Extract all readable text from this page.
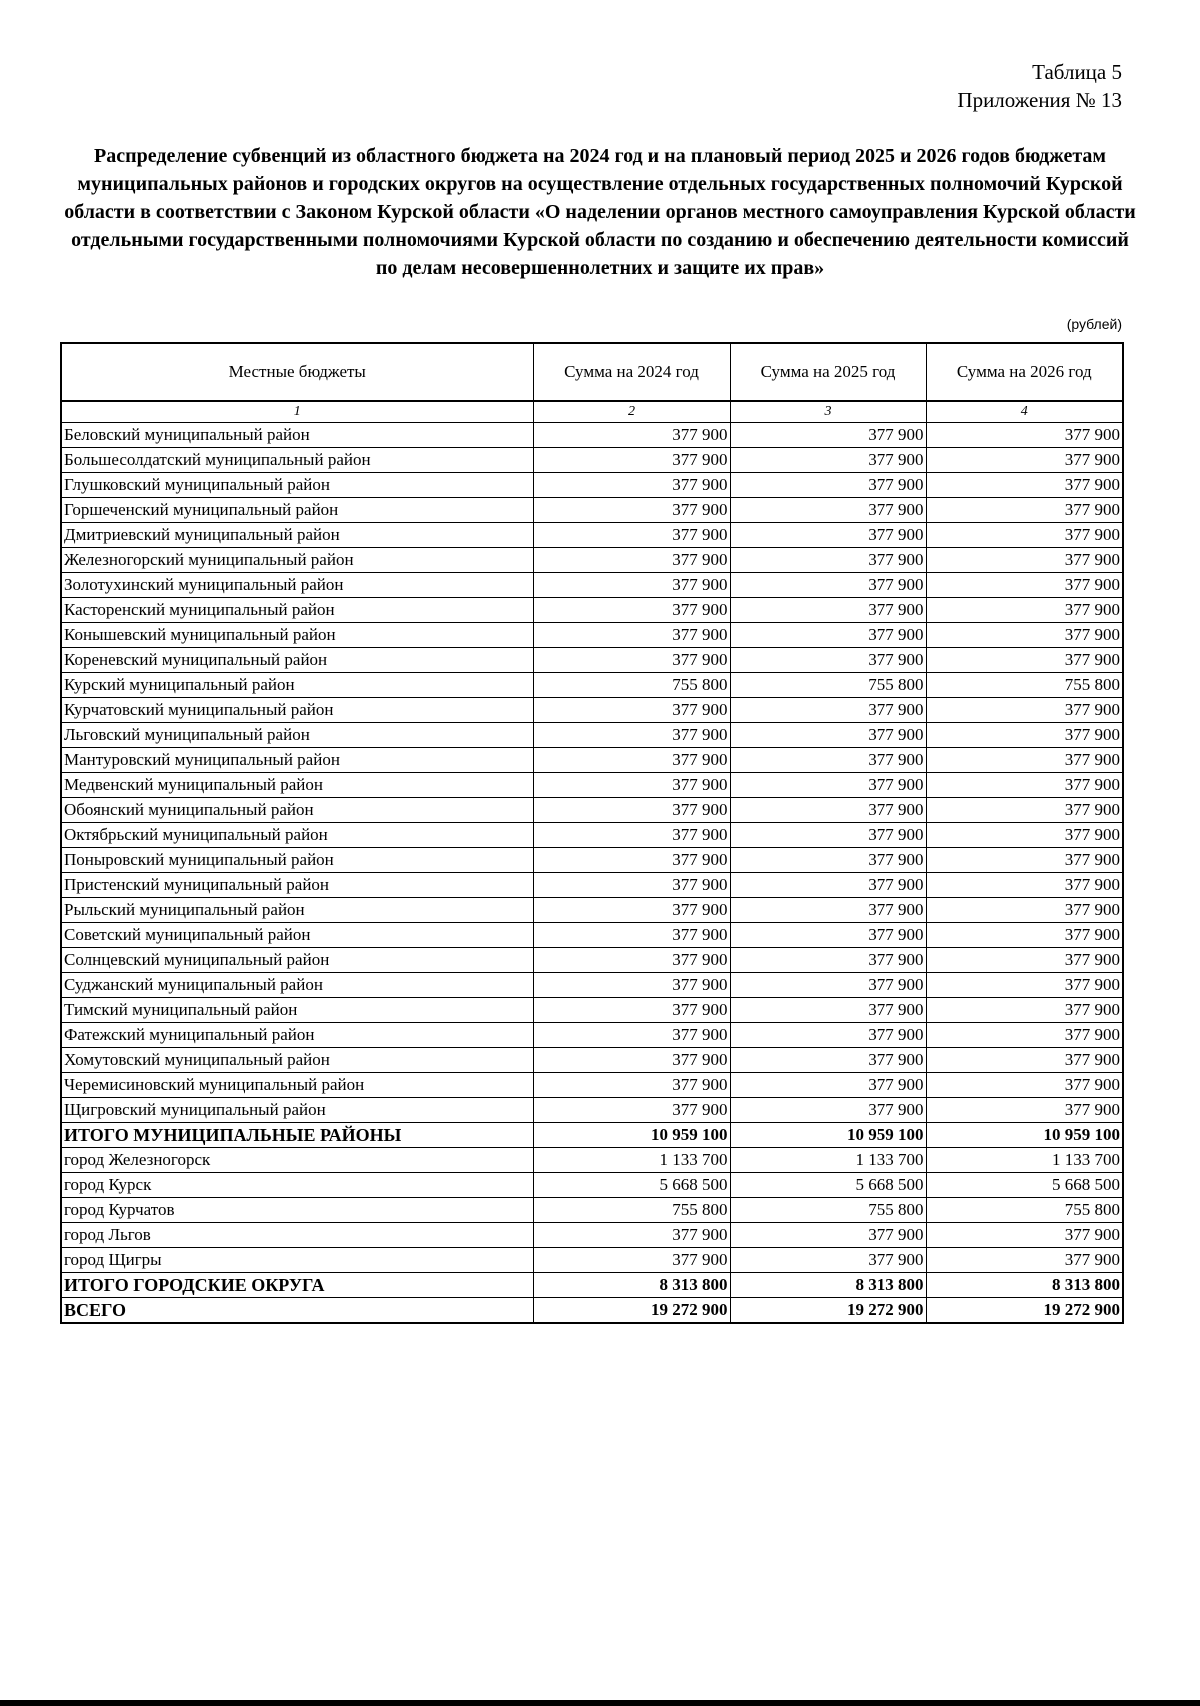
Таблица 5
Приложения № 13
Распределение субвенций из областного бюджета на 2024 год и на плановый период 2025 и 2026 годов бюджетам муниципальных районов и городских округов на осуществление отдельных государственных полномочий Курской области в соответствии с Законом Курской области «О наделении органов местного самоуправления Курской области отдельными государственными полномочиями Курской области по созданию и обеспечению деятельности комиссий по делам несовершеннолетних и защите их прав»
(рублей)
Местные бюджеты	Сумма на 2024 год	Сумма на 2025 год	Сумма на 2026 год
1	2	3	4
Беловский муниципальный район	377 900	377 900	377 900
Большесолдатский муниципальный район	377 900	377 900	377 900
Глушковский муниципальный район	377 900	377 900	377 900
Горшеченский муниципальный район	377 900	377 900	377 900
Дмитриевский муниципальный район	377 900	377 900	377 900
Железногорский муниципальный район	377 900	377 900	377 900
Золотухинский муниципальный район	377 900	377 900	377 900
Касторенский муниципальный район	377 900	377 900	377 900
Конышевский муниципальный район	377 900	377 900	377 900
Кореневский муниципальный район	377 900	377 900	377 900
Курский муниципальный район	755 800	755 800	755 800
Курчатовский муниципальный район	377 900	377 900	377 900
Льговский муниципальный район	377 900	377 900	377 900
Мантуровский муниципальный район	377 900	377 900	377 900
Медвенский муниципальный район	377 900	377 900	377 900
Обоянский муниципальный район	377 900	377 900	377 900
Октябрьский муниципальный район	377 900	377 900	377 900
Поныровский муниципальный район	377 900	377 900	377 900
Пристенский муниципальный район	377 900	377 900	377 900
Рыльский муниципальный район	377 900	377 900	377 900
Советский муниципальный район	377 900	377 900	377 900
Солнцевский муниципальный район	377 900	377 900	377 900
Суджанский муниципальный район	377 900	377 900	377 900
Тимский муниципальный район	377 900	377 900	377 900
Фатежский муниципальный район	377 900	377 900	377 900
Хомутовский муниципальный район	377 900	377 900	377 900
Черемисиновский муниципальный район	377 900	377 900	377 900
Щигровский муниципальный район	377 900	377 900	377 900
ИТОГО МУНИЦИПАЛЬНЫЕ РАЙОНЫ	10 959 100	10 959 100	10 959 100
город Железногорск	1 133 700	1 133 700	1 133 700
город Курск	5 668 500	5 668 500	5 668 500
город Курчатов	755 800	755 800	755 800
город Льгов	377 900	377 900	377 900
город Щигры	377 900	377 900	377 900
ИТОГО ГОРОДСКИЕ ОКРУГА	8 313 800	8 313 800	8 313 800
ВСЕГО	19 272 900	19 272 900	19 272 900
